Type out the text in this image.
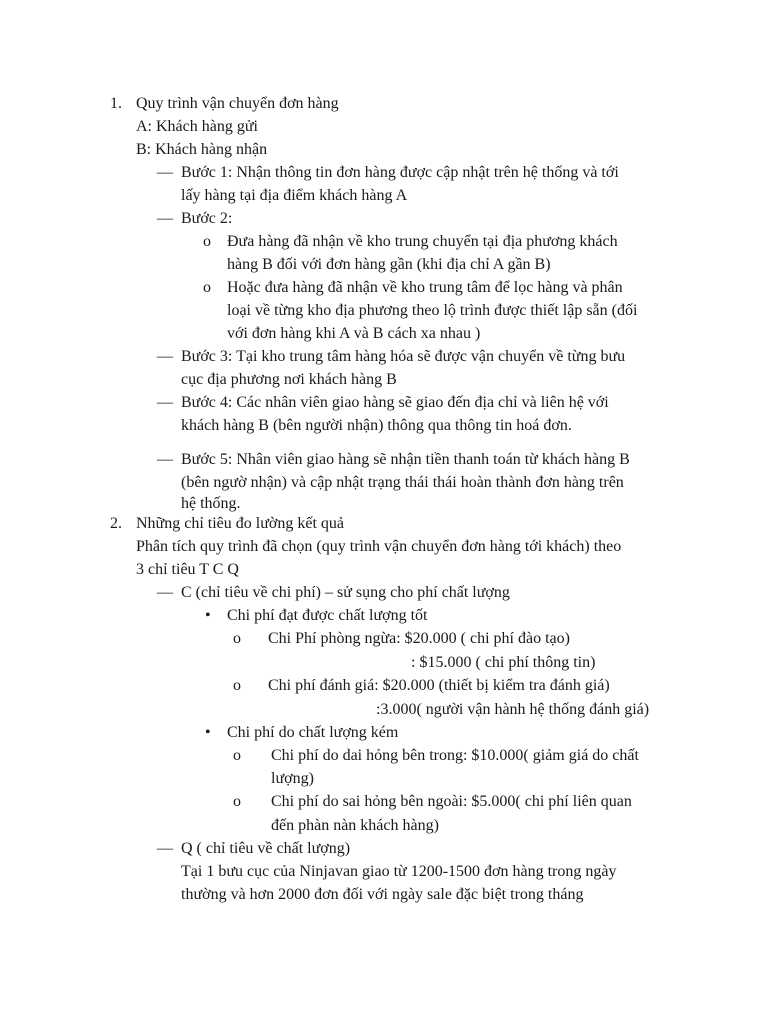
1. Quy trình vận chuyển đơn hàng
A: Khách hàng gửi
B: Khách hàng nhận
— Bước 1: Nhận thông tin đơn hàng được cập nhật trên hệ thống và tới
lấy hàng tại địa điểm khách hàng A
— Bước 2:
o Đưa hàng đã nhận về kho trung chuyển tại địa phương khách
hàng B đối với đơn hàng gần (khi địa chỉ A gần B)
o Hoặc đưa hàng đã nhận về kho trung tâm để lọc hàng và phân
loại về từng kho địa phương theo lộ trình được thiết lập sẵn (đối
với đơn hàng khi A và B cách xa nhau )
— Bước 3: Tại kho trung tâm hàng hóa sẽ được vận chuyển về từng bưu
cục địa phương nơi khách hàng B
— Bước 4: Các nhân viên giao hàng sẽ giao đến địa chỉ và liên hệ với
khách hàng B (bên người nhận) thông qua thông tin hoá đơn.
— Bước 5: Nhân viên giao hàng sẽ nhận tiền thanh toán từ khách hàng B
(bên ngườ nhận) và cập nhật trạng thái thái hoàn thành đơn hàng trên
hệ thống.
2. Những chỉ tiêu đo lường kết quả
Phân tích quy trình đã chọn (quy trình vận chuyển đơn hàng tới khách) theo
3 chỉ tiêu T C Q
— C (chỉ tiêu về chi phí) – sử sụng cho phí chất lượng
• Chi phí đạt được chất lượng tốt
o Chi Phí phòng ngừa: $20.000 ( chi phí đào tạo)
: $15.000 ( chi phí thông tin)
o Chi phí đánh giá: $20.000 (thiết bị kiểm tra đánh giá)
:3.000( người vận hành hệ thống đánh giá)
• Chi phí do chất lượng kém
o Chi phí do dai hỏng bên trong: $10.000( giảm giá do chất
lượng)
o Chi phí do sai hỏng bên ngoài: $5.000( chi phí liên quan
đến phàn nàn khách hàng)
— Q ( chỉ tiêu về chất lượng)
Tại 1 bưu cục của Ninjavan giao từ 1200-1500 đơn hàng trong ngày
thường và hơn 2000 đơn đối với ngày sale đặc biệt trong tháng
